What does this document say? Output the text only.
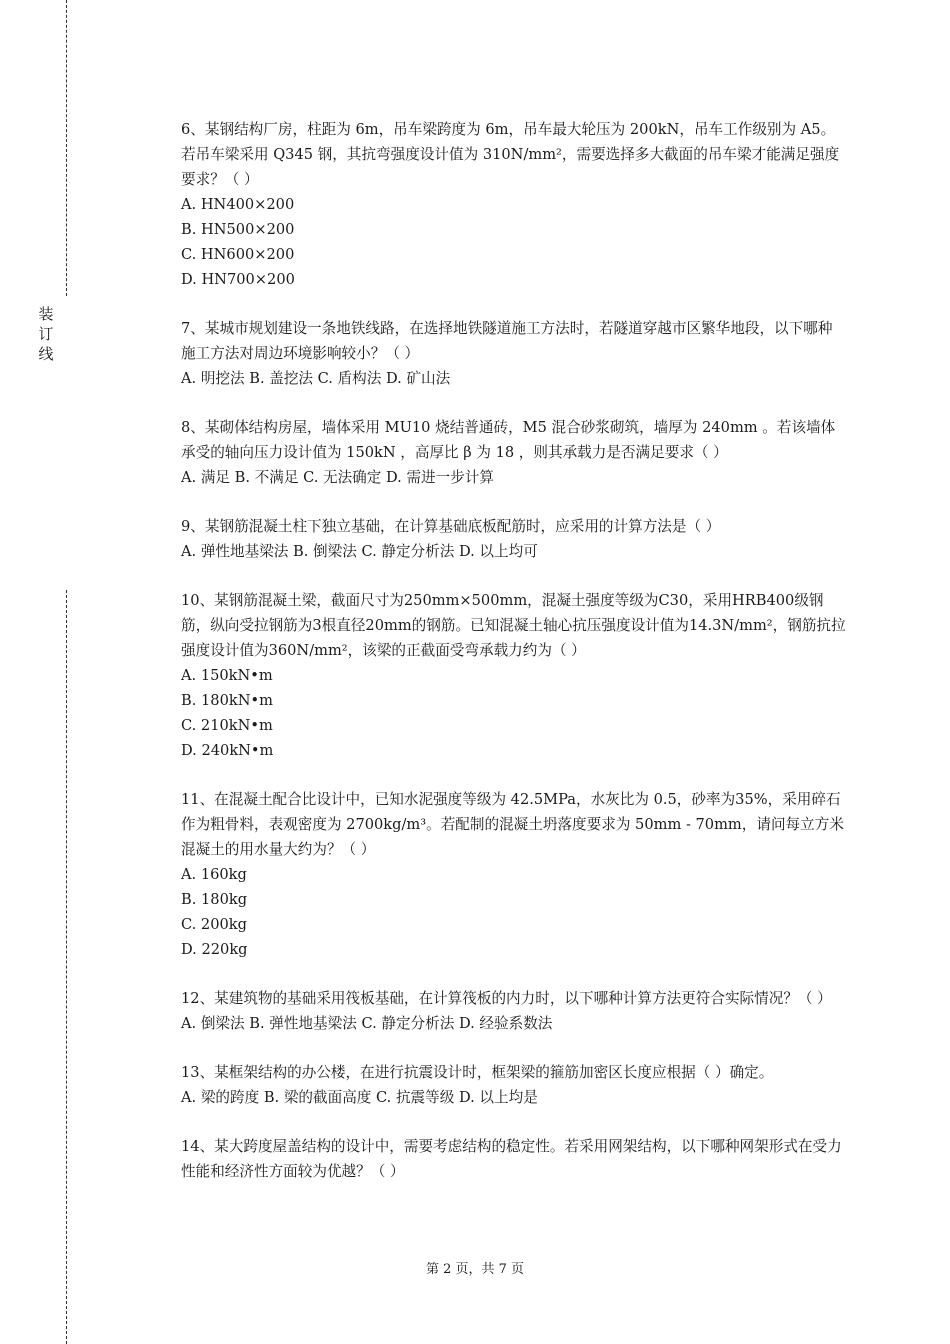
装
订
线

6、某钢结构厂房，柱距为 6m，吊车梁跨度为 6m，吊车最大轮压为 200kN，吊车工作级别为 A5。若吊车梁采用 Q345 钢，其抗弯强度设计值为 310N/mm²，需要选择多大截面的吊车梁才能满足强度要求？（ ）

A. HN400×200

B. HN500×200

C. HN600×200

D. HN700×200

7、某城市规划建设一条地铁线路，在选择地铁隧道施工方法时，若隧道穿越市区繁华地段，以下哪种施工方法对周边环境影响较小？（ ）

A. 明挖法 B. 盖挖法 C. 盾构法 D. 矿山法

8、某砌体结构房屋，墙体采用 MU10 烧结普通砖，M5 混合砂浆砌筑，墙厚为 240mm 。若该墙体承受的轴向压力设计值为 150kN ，高厚比 β 为 18 ，则其承载力是否满足要求（ ）

A. 满足 B. 不满足 C. 无法确定 D. 需进一步计算

9、某钢筋混凝土柱下独立基础，在计算基础底板配筋时，应采用的计算方法是（ ）

A. 弹性地基梁法 B. 倒梁法 C. 静定分析法 D. 以上均可

10、某钢筋混凝土梁，截面尺寸为250mm×500mm，混凝土强度等级为C30，采用HRB400级钢筋，纵向受拉钢筋为3根直径20mm的钢筋。已知混凝土轴心抗压强度设计值为14.3N/mm²，钢筋抗拉强度设计值为360N/mm²，该梁的正截面受弯承载力约为（ ）

A. 150kN•m

B. 180kN•m

C. 210kN•m

D. 240kN•m

11、在混凝土配合比设计中，已知水泥强度等级为 42.5MPa，水灰比为 0.5，砂率为35%，采用碎石作为粗骨料，表观密度为 2700kg/m³。若配制的混凝土坍落度要求为 50mm - 70mm，请问每立方米混凝土的用水量大约为？（ ）

A. 160kg

B. 180kg

C. 200kg

D. 220kg

12、某建筑物的基础采用筏板基础，在计算筏板的内力时，以下哪种计算方法更符合实际情况？（ ）

A. 倒梁法 B. 弹性地基梁法 C. 静定分析法 D. 经验系数法

13、某框架结构的办公楼，在进行抗震设计时，框架梁的箍筋加密区长度应根据（ ）确定。

A. 梁的跨度 B. 梁的截面高度 C. 抗震等级 D. 以上均是

14、某大跨度屋盖结构的设计中，需要考虑结构的稳定性。若采用网架结构，以下哪种网架形式在受力性能和经济性方面较为优越？（ ）

第 2 页，共 7 页
